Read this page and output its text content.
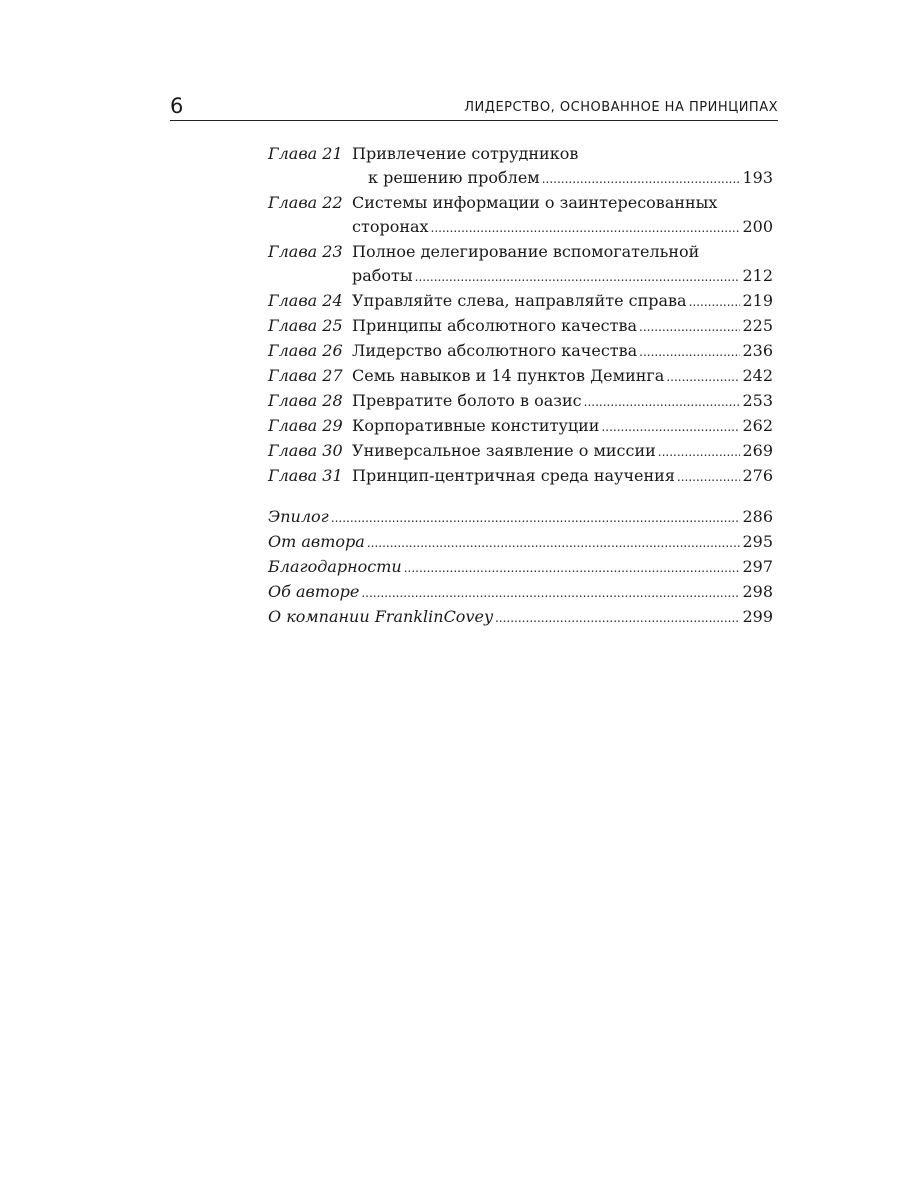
6	ЛИДЕРСТВО, ОСНОВАННОЕ НА ПРИНЦИПАХ
Глава 21 Привлечение сотрудников
к решению проблем .....	193
Глава 22 Системы информации о заинтересованных
сторонах .....	200
Глава 23 Полное делегирование вспомогательной
работы .....	212
Глава 24 Управляйте слева, направляйте справа .....	219
Глава 25 Принципы абсолютного качества .....	225
Глава 26 Лидерство абсолютного качества .....	236
Глава 27 Семь навыков и 14 пунктов Деминга .....	242
Глава 28 Превратите болото в оазис .....	253
Глава 29 Корпоративные конституции .....	262
Глава 30 Универсальное заявление о миссии .....	269
Глава 31 Принцип-центричная среда научения .....	276
Эпилог .....	286
От автора .....	295
Благодарности .....	297
Об авторе .....	298
О компании FranklinCovey .....	299
